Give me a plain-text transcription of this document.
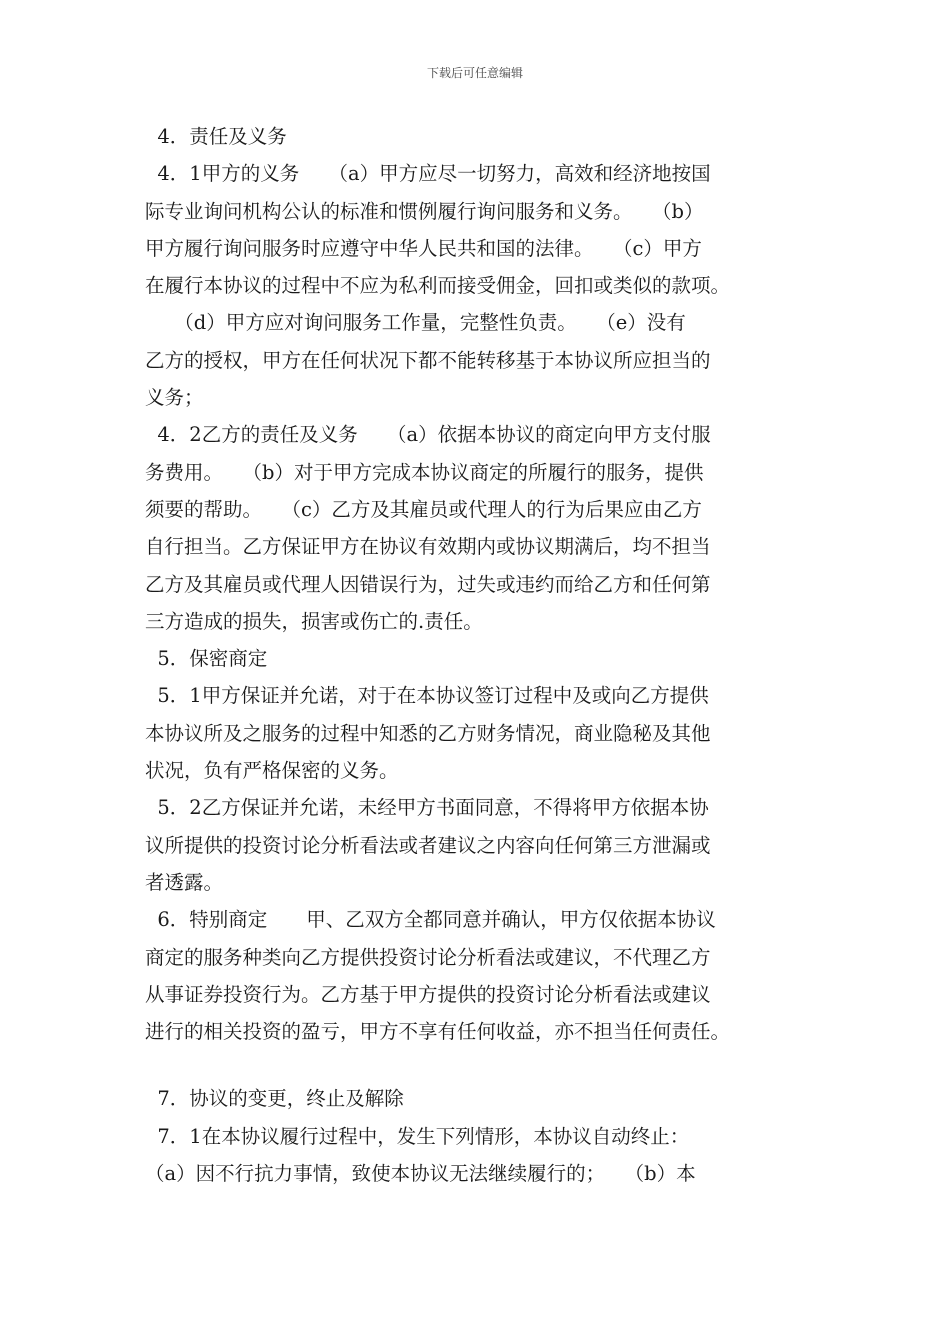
下载后可任意编辑

4．责任及义务

4．1甲方的义务　　（a）甲方应尽一切努力，高效和经济地按国

际专业询问机构公认的标准和惯例履行询问服务和义务。　　（b）

甲方履行询问服务时应遵守中华人民共和国的法律。　　（c）甲方

在履行本协议的过程中不应为私利而接受佣金，回扣或类似的款项。

　　（d）甲方应对询问服务工作量，完整性负责。　　（e）没有

乙方的授权，甲方在任何状况下都不能转移基于本协议所应担当的

义务；

4．2乙方的责任及义务　　（a）依据本协议的商定向甲方支付服

务费用。　　（b）对于甲方完成本协议商定的所履行的服务，提供

须要的帮助。　　（c）乙方及其雇员或代理人的行为后果应由乙方

自行担当。乙方保证甲方在协议有效期内或协议期满后，均不担当

乙方及其雇员或代理人因错误行为，过失或违约而给乙方和任何第

三方造成的损失，损害或伤亡的.责任。

5．保密商定

5．1甲方保证并允诺，对于在本协议签订过程中及或向乙方提供

本协议所及之服务的过程中知悉的乙方财务情况，商业隐秘及其他

状况，负有严格保密的义务。

5．2乙方保证并允诺，未经甲方书面同意，不得将甲方依据本协

议所提供的投资讨论分析看法或者建议之内容向任何第三方泄漏或

者透露。

6．特别商定　　甲、乙双方全都同意并确认，甲方仅依据本协议

商定的服务种类向乙方提供投资讨论分析看法或建议，不代理乙方

从事证券投资行为。乙方基于甲方提供的投资讨论分析看法或建议

进行的相关投资的盈亏，甲方不享有任何收益，亦不担当任何责任。

7．协议的变更，终止及解除

7．1在本协议履行过程中，发生下列情形，本协议自动终止：

（a）因不行抗力事情，致使本协议无法继续履行的；　　（b）本
